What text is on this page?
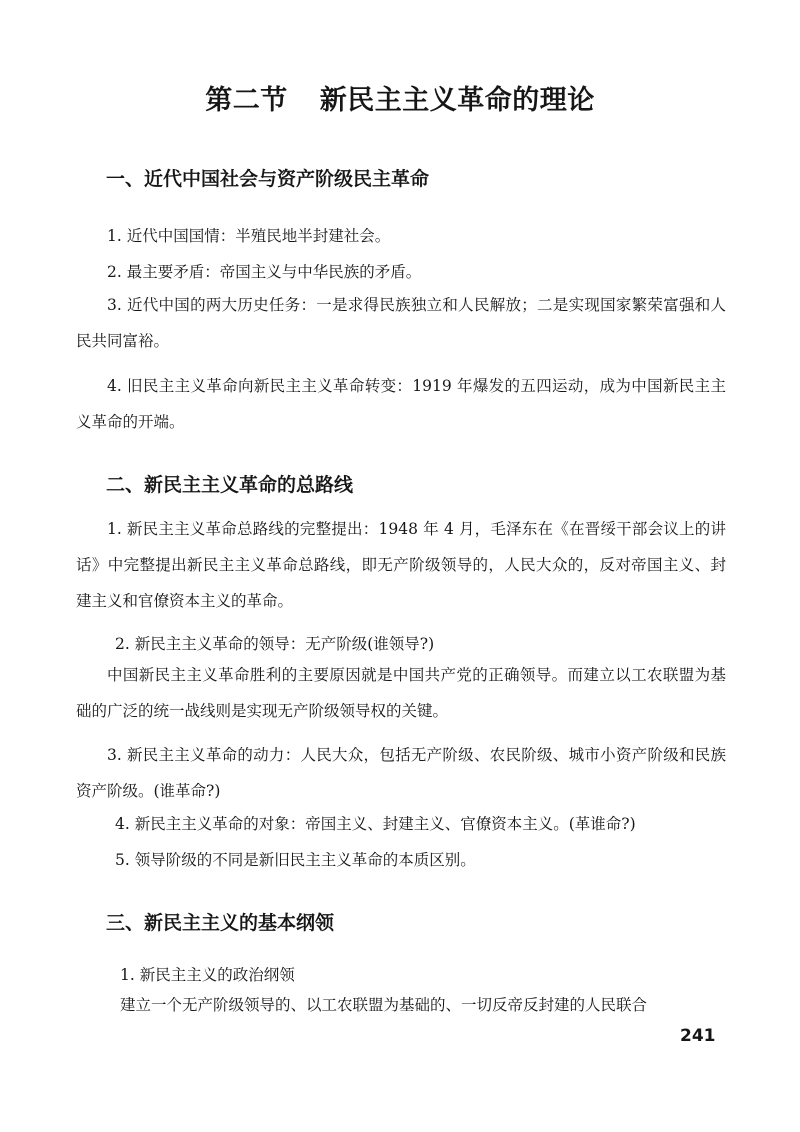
第二节 新民主主义革命的理论
一、近代中国社会与资产阶级民主革命

1. 近代中国国情：半殖民地半封建社会。

2. 最主要矛盾：帝国主义与中华民族的矛盾。

3. 近代中国的两大历史任务：一是求得民族独立和人民解放；二是实现国家繁荣富强和人民共同富裕。

4. 旧民主主义革命向新民主主义革命转变：1919 年爆发的五四运动，成为中国新民主主义革命的开端。

二、新民主主义革命的总路线

1. 新民主主义革命总路线的完整提出：1948 年 4 月，毛泽东在《在晋绥干部会议上的讲话》中完整提出新民主主义革命总路线，即无产阶级领导的，人民大众的，反对帝国主义、封建主义和官僚资本主义的革命。

2. 新民主主义革命的领导：无产阶级(谁领导?)

中国新民主主义革命胜利的主要原因就是中国共产党的正确领导。而建立以工农联盟为基础的广泛的统一战线则是实现无产阶级领导权的关键。

3. 新民主主义革命的动力：人民大众，包括无产阶级、农民阶级、城市小资产阶级和民族资产阶级。(谁革命?)

4. 新民主主义革命的对象：帝国主义、封建主义、官僚资本主义。(革谁命?)

5. 领导阶级的不同是新旧民主主义革命的本质区别。

三、新民主主义的基本纲领

1. 新民主主义的政治纲领

建立一个无产阶级领导的、以工农联盟为基础的、一切反帝反封建的人民联合

241
